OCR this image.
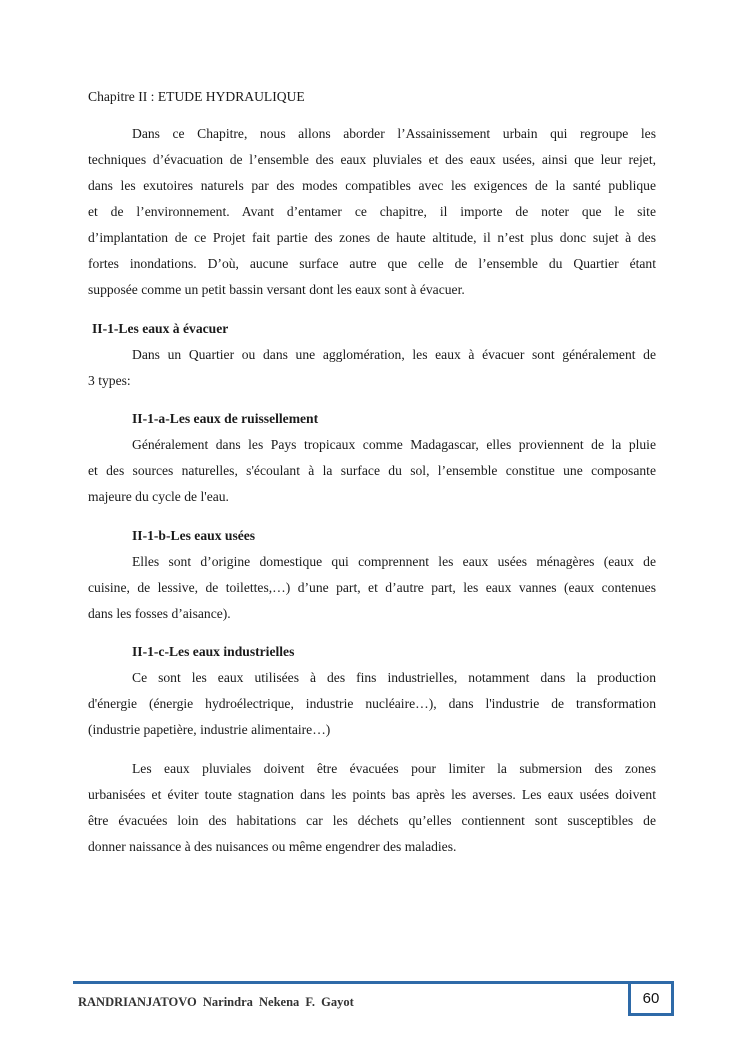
Chapitre II : ETUDE HYDRAULIQUE
Dans ce Chapitre, nous allons aborder l’Assainissement urbain qui regroupe les
techniques d’évacuation de l’ensemble des eaux pluviales et des eaux usées, ainsi que leur rejet,
dans les exutoires naturels par des modes compatibles avec les exigences de la santé publique
et de l’environnement. Avant d’entamer ce chapitre, il importe de noter que le site
d’implantation de ce Projet fait partie des zones de haute altitude, il n’est plus donc sujet à des
fortes inondations. D’où, aucune surface autre que celle de l’ensemble du Quartier étant
supposée comme un petit bassin versant dont les eaux sont à évacuer.
II-1-Les eaux à évacuer
Dans un Quartier ou dans une agglomération, les eaux à évacuer sont généralement de
3 types:
II-1-a-Les eaux de ruissellement
Généralement dans les Pays tropicaux comme Madagascar, elles proviennent de la pluie
et des sources naturelles, s'écoulant à la surface du sol, l’ensemble constitue une composante
majeure du cycle de l'eau.
II-1-b-Les eaux usées
Elles sont d’origine domestique qui comprennent les eaux usées ménagères (eaux de
cuisine, de lessive, de toilettes,…) d’une part, et d’autre part, les eaux vannes (eaux contenues
dans les fosses d’aisance).
II-1-c-Les eaux industrielles
Ce sont les eaux utilisées à des fins industrielles, notamment dans la production
d'énergie (énergie hydroélectrique, industrie nucléaire…), dans l'industrie de transformation
(industrie papetière, industrie alimentaire…)
Les eaux pluviales doivent être évacuées pour limiter la submersion des zones
urbanisées et éviter toute stagnation dans les points bas après les averses. Les eaux usées doivent
être évacuées loin des habitations car les déchets qu’elles contiennent sont susceptibles de
donner naissance à des nuisances ou même engendrer des maladies.
RANDRIANJATOVO Narindra Nekena F. Gayot	60
